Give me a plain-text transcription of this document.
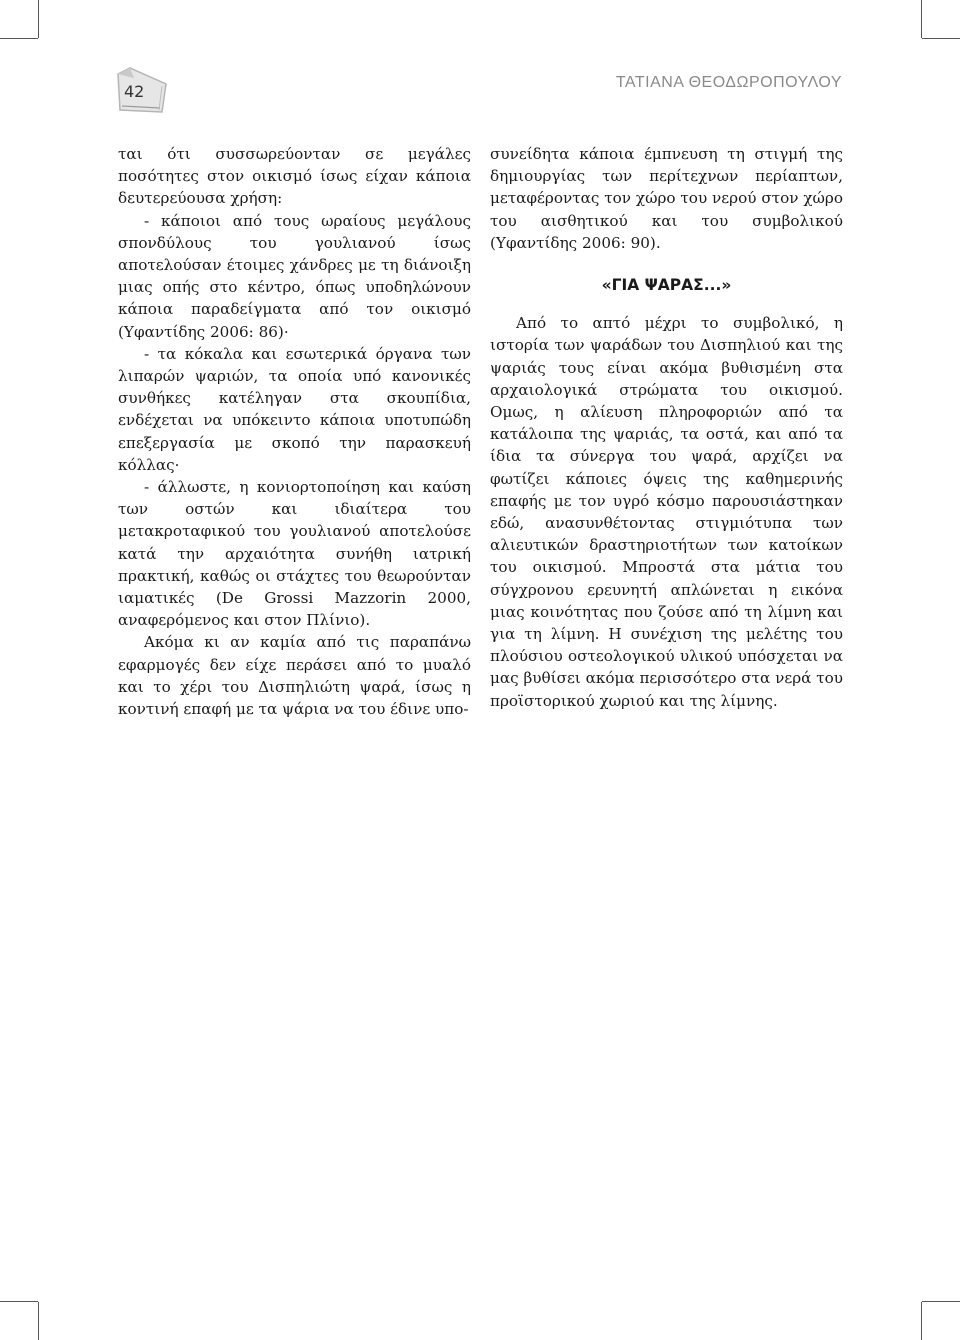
42	ΤΑΤΙΑΝΑ ΘΕΟΔΩΡΟΠΟΥΛΟΥ

ται ότι συσσωρεύονταν σε μεγάλες ποσότητες στον οικισμό ίσως είχαν κάποια δευτερεύουσα χρήση:

- κάποιοι από τους ωραίους μεγάλους σπονδύλους του γουλιανού ίσως αποτελούσαν έτοιμες χάνδρες με τη διάνοιξη μιας οπής στο κέντρο, όπως υποδηλώνουν κάποια παραδείγματα από τον οικισμό (Υφαντίδης 2006: 86)·

- τα κόκαλα και εσωτερικά όργανα των λιπαρών ψαριών, τα οποία υπό κανονικές συνθήκες κατέληγαν στα σκουπίδια, ενδέχεται να υπόκειντο κάποια υποτυπώδη επεξεργασία με σκοπό την παρασκευή κόλλας·

- άλλωστε, η κονιορτοποίηση και καύση των οστών και ιδιαίτερα του μετακροταφικού του γουλιανού αποτελούσε κατά την αρχαιότητα συνήθη ιατρική πρακτική, καθώς οι στάχτες του θεωρούνταν ιαματικές (De Grossi Mazzorin 2000, αναφερόμενος και στον Πλίνιο).

Ακόμα κι αν καμία από τις παραπάνω εφαρμογές δεν είχε περάσει από το μυαλό και το χέρι του Δισπηλιώτη ψαρά, ίσως η κοντινή επαφή με τα ψάρια να του έδινε υπο-

συνείδητα κάποια έμπνευση τη στιγμή της δημιουργίας των περίτεχνων περίαπτων, μεταφέροντας τον χώρο του νερού στον χώρο του αισθητικού και του συμβολικού (Υφαντίδης 2006: 90).

«ΓΙΑ ΨΑΡΑΣ...»

Από το απτό μέχρι το συμβολικό, η ιστορία των ψαράδων του Δισπηλιού και της ψαριάς τους είναι ακόμα βυθισμένη στα αρχαιολογικά στρώματα του οικισμού. Ομως, η αλίευση πληροφοριών από τα κατάλοιπα της ψαριάς, τα οστά, και από τα ίδια τα σύνεργα του ψαρά, αρχίζει να φωτίζει κάποιες όψεις της καθημερινής επαφής με τον υγρό κόσμο παρουσιάστηκαν εδώ, ανασυνθέτοντας στιγμιότυπα των αλιευτικών δραστηριοτήτων των κατοίκων του οικισμού. Μπροστά στα μάτια του σύγχρονου ερευνητή απλώνεται η εικόνα μιας κοινότητας που ζούσε από τη λίμνη και για τη λίμνη. Η συνέχιση της μελέτης του πλούσιου οστεολογικού υλικού υπόσχεται να μας βυθίσει ακόμα περισσότερο στα νερά του προϊστορικού χωριού και της λίμνης.
